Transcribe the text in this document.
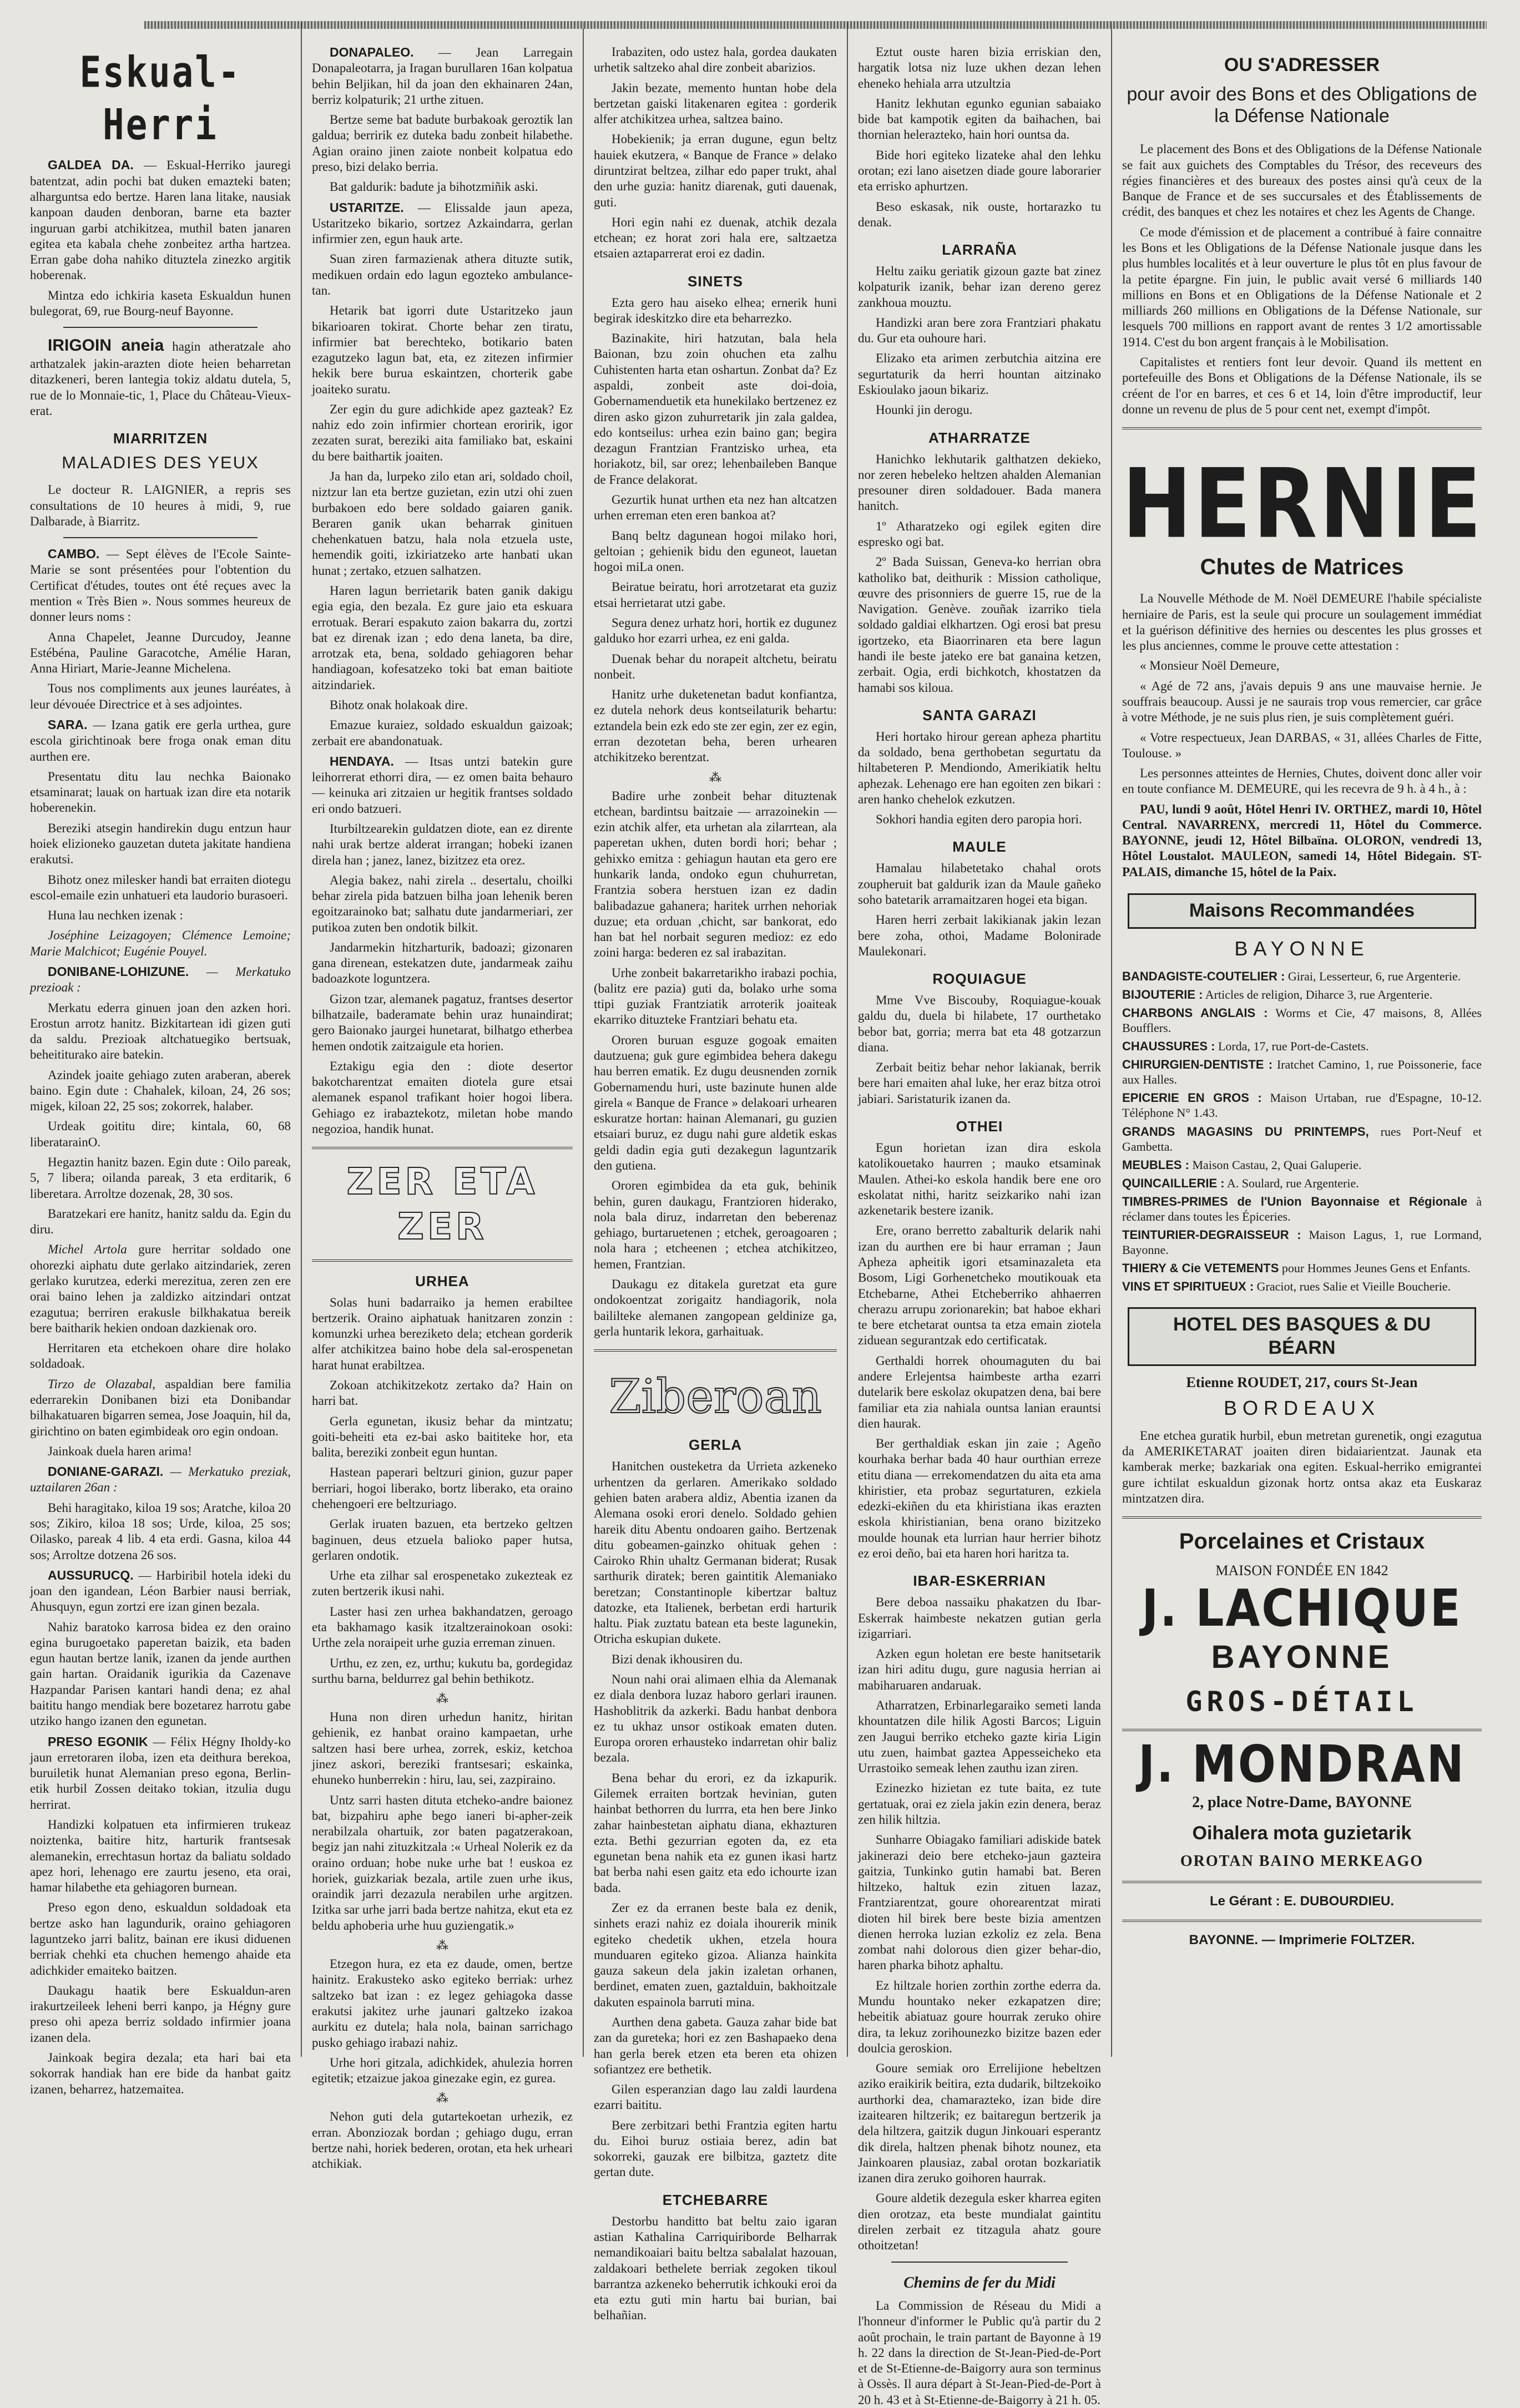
Eskual-Herri

GALDEA DA. — Eskual-Herriko jauregi batentzat, adin pochi bat duken emazteki baten; alharguntsa edo bertze. Haren lana litake, nausiak kanpoan dauden denboran, barne eta bazter inguruan garbi atchikitzea, muthil baten janaren egitea eta kabala chehe zonbeitez artha hartzea. Erran gabe doha nahiko dituztela zinezko argitik hoberenak.

Mintza edo ichkiria kaseta Eskualdun hunen bulegorat, 69, rue Bourg-neuf Bayonne.

IRIGOIN aneia hagin atheratzale aho arthatzalek jakin-arazten diote heien beharretan ditazkeneri, beren lantegia tokiz aldatu dutela, 5, rue de lo Monnaie-tic, 1, Place du Château-Vieux-erat.

MIARRITZEN
MALADIES DES YEUX

Le docteur R. LAIGNIER, a repris ses consultations de 10 heures à midi, 9, rue Dalbarade, à Biarritz.

CAMBO. — Sept élèves de l'Ecole Sainte-Marie se sont présentées pour l'obtention du Certificat d'études, toutes ont été reçues avec la mention « Très Bien ». Nous sommes heureux de donner leurs noms :

Anna Chapelet, Jeanne Durcudoy, Jeanne Estébéna, Pauline Garacotche, Amélie Haran, Anna Hiriart, Marie-Jeanne Michelena.

Tous nos compliments aux jeunes lauréates, à leur dévouée Directrice et à ses adjointes.

SARA. — Izana gatik ere gerla urthea, gure escola girichtinoak bere froga onak eman ditu aurthen ere.

Presentatu ditu lau nechka Baionako etsaminarat; lauak on hartuak izan dire eta notarik hoberenekin.

Bereziki atsegin handirekin dugu entzun haur hoiek elizioneko gauzetan duteta jakitate handiena erakutsi.

Bihotz onez milesker handi bat erraiten diotegu escol-emaile ezin unhatueri eta laudorio burasoeri.

Huna lau nechken izenak :

Joséphine Leizagoyen; Clémence Lemoine; Marie Malchicot; Eugénie Pouyel.

DONIBANE-LOHIZUNE. — Merkatuko prezioak :

Merkatu ederra ginuen joan den azken hori. Erostun arrotz hanitz. Bizkitartean idi gizen guti da saldu. Prezioak altchatuegiko bertsuak, beheititurako aire batekin.

Azindek joaite gehiago zuten araberan, aberek baino. Egin dute : Chahalek, kiloan, 24, 26 sos; migek, kiloan 22, 25 sos; zokorrek, halaber.

Urdeak goititu dire; kintala, 60, 68 liberatarainO.

Hegaztin hanitz bazen. Egin dute : Oilo pareak, 5, 7 libera; oilanda pareak, 3 eta erditarik, 6 liberetara. Arroltze dozenak, 28, 30 sos.

Baratzekari ere hanitz, hanitz saldu da. Egin du diru.

Michel Artola gure herritar soldado one ohorezki aiphatu dute gerlako aitzindariek, zeren gerlako kurutzea, ederki merezitua, zeren zen ere orai baino lehen ja zaldizko aitzindari ontzat ezagutua; berriren erakusle bilkhakatua bereik bere baitharik hekien ondoan dazkienak oro.

Herritaren eta etchekoen ohare dire holako soldadoak.

Tirzo de Olazabal, aspaldian bere familia ederrarekin Donibanen bizi eta Donibandar bilhakatuaren bigarren semea, Jose Joaquin, hil da, girichtino on baten egimbideak oro egin ondoan.

Jainkoak duela haren arima!

DONIANE-GARAZI. — Merkatuko preziak, uztailaren 26an :

Behi haragitako, kiloa 19 sos; Aratche, kiloa 20 sos; Zikiro, kiloa 18 sos; Urde, kiloa, 25 sos; Oilasko, pareak 4 lib. 4 eta erdi. Gasna, kiloa 44 sos; Arroltze dotzena 26 sos.

AUSSURUCQ. — Harbiribil hotela ideki du joan den igandean, Léon Barbier nausi berriak, Ahusquyn, egun zortzi ere izan ginen bezala.

Nahiz baratoko karrosa bidea ez den oraino egina burugoetako paperetan baizik, eta baden egun hautan bertze lanik, izanen da jende aurthen gain hartan. Oraidanik igurikia da Cazenave Hazpandar Parisen kantari handi dena; ez ahal baititu hango mendiak bere bozetarez harrotu gabe utziko hango izanen den egunetan.

PRESO EGONIK — Félix Hégny Iholdy-ko jaun erretoraren iloba, izen eta deithura berekoa, buruiletik hunat Alemanian preso egona, Berlin-etik hurbil Zossen deitako tokian, itzulia dugu herrirat.

Handizki kolpatuen eta infirmieren trukeaz noiztenka, baitire hitz, harturik frantsesak alemanekin, errechtasun hortaz da baliatu soldado apez hori, lehenago ere zaurtu jeseno, eta orai, hamar hilabethe eta gehiagoren burnean.

Preso egon deno, eskualdun soldadoak eta bertze asko han lagundurik, oraino gehiagoren laguntzeko jarri balitz, bainan ere ikusi diduenen berriak chehki eta chuchen hemengo ahaide eta adichkider emaiteko baitzen.

Daukagu haatik bere Eskualdun-aren irakurtzeileek leheni berri kanpo, ja Hégny gure preso ohi apeza berriz soldado infirmier joana izanen dela.

Jainkoak begira dezala; eta hari bai eta sokorrak handiak han ere bide da hanbat gaitz izanen, beharrez, hatzemaitea.

DONAPALEO. — Jean Larregain Donapaleotarra, ja Iragan burullaren 16an kolpatua behin Beljikan, hil da joan den ekhainaren 24an, berriz kolpaturik; 21 urthe zituen.

Bertze seme bat badute burbakoak geroztik lan galdua; berririk ez duteka badu zonbeit hilabethe. Agian oraino jinen zaiote nonbeit kolpatua edo preso, bizi delako berria.

Bat galdurik: badute ja bihotzmiñik aski.

USTARITZE. — Elissalde jaun apeza, Ustaritzeko bikario, sortzez Azkaindarra, gerlan infirmier zen, egun hauk arte.

Suan ziren farmazienak athera dituzte sutik, medikuen ordain edo lagun egozteko ambulance-tan.

Hetarik bat igorri dute Ustaritzeko jaun bikarioaren tokirat. Chorte behar zen tiratu, infirmier bat berechteko, botikario baten ezagutzeko lagun bat, eta, ez zitezen infirmier hekik bere burua eskaintzen, chorterik gabe joaiteko suratu.

Zer egin du gure adichkide apez gazteak? Ez nahiz edo zoin infirmier chortean eroririk, igor zezaten surat, bereziki aita familiako bat, eskaini du bere baithartik joaiten.

Ja han da, lurpeko zilo etan ari, soldado choil, niztzur lan eta bertze guzietan, ezin utzi ohi zuen burbakoen edo bere soldado gaiaren ganik. Beraren ganik ukan beharrak ginituen chehenkatuen batzu, hala nola etzuela uste, hemendik goiti, izkiriatzeko arte hanbati ukan hunat ; zertako, etzuen salhatzen.

Haren lagun berrietarik baten ganik dakigu egia egia, den bezala. Ez gure jaio eta eskuara errotuak. Berari espakuto zaion bakarra du, zortzi bat ez direnak izan ; edo dena laneta, ba dire, arrotzak eta, bena, soldado gehiagoren behar handiagoan, kofesatzeko toki bat eman baitiote aitzindariek.

Bihotz onak holakoak dire.

Emazue kuraiez, soldado eskualdun gaizoak; zerbait ere abandonatuak.

HENDAYA. — Itsas untzi batekin gure leihorrerat ethorri dira, — ez omen baita behauro — keinuka ari zitzaien ur hegitik frantses soldado eri ondo batzueri.

Iturbiltzearekin guldatzen diote, ean ez dirente nahi urak bertze alderat irrangan; hobeki izanen direla han ; janez, lanez, bizitzez eta orez.

Alegia bakez, nahi zirela .. desertalu, choilki behar zirela pida batzuen bilha joan lehenik beren egoitzarainoko bat; salhatu dute jandarmeriari, zer putikoa zuten ben ondotik bilkit.

Jandarmekin hitzharturik, badoazi; gizonaren gana direnean, estekatzen dute, jandarmeak zaihu badoazkote loguntzera.

Gizon tzar, alemanek pagatuz, frantses desertor bilhatzaile, baderamate behin uraz hunaindirat; gero Baionako jaurgei hunetarat, bilhatgo etherbea hemen ondotik zaitzaigule eta horien.

Eztakigu egia den : diote desertor bakotcharentzat emaiten diotela gure etsai alemanek espanol trafikant hoier hogoi libera. Gehiago ez irabaztekotz, miletan hobe mando negozioa, handik hunat.

ZER ETA ZER
URHEA

Solas huni badarraiko ja hemen erabiltee bertzerik. Oraino aiphatuak hanitzaren zonzin : komunzki urhea bereziketo dela; etchean gorderik alfer atchikitzea baino hobe dela sal-erospenetan harat hunat erabiltzea.

Zokoan atchikitzekotz zertako da? Hain on harri bat.

Gerla egunetan, ikusiz behar da mintzatu; goiti-beheiti eta ez-bai asko baititeke hor, eta balita, bereziki zonbeit egun huntan.

Hastean paperari beltzuri ginion, guzur paper berriari, hogoi liberako, bortz liberako, eta oraino chehengoeri ere beltzuriago.

Gerlak iruaten bazuen, eta bertzeko geltzen baginuen, deus etzuela balioko paper hutsa, gerlaren ondotik.

Urhe eta zilhar sal erospenetako zukezteak ez zuten bertzerik ikusi nahi.

Laster hasi zen urhea bakhandatzen, geroago eta bakhamago kasik itzaltzerainokoan osoki: Urthe zela noraipeit urhe guzia erreman zinuen.

Urthu, ez zen, ez, urthu; kukutu ba, gordegidaz surthu barna, beldurrez gal behin bethikotz.

⁂

Huna non diren urhedun hanitz, hiritan gehienik, ez hanbat oraino kampaetan, urhe saltzen hasi bere urhea, zorrek, eskiz, ketchoa jinez askori, bereziki frantsesari; eskainka, ehuneko hunberrekin : hiru, lau, sei, zazpiraino.

Untz sarri hasten dituta etcheko-andre baionez bat, bizpahiru aphe bego ianeri bi-apher-zeik nerabilzala ohartuik, zor baten pagatzerakoan, begiz jan nahi zituzkitzala :« Urheal Nolerik ez da oraino orduan; hobe nuke urhe bat ! euskoa ez horiek, guizkariak bezala, artile zuen urhe ikus, oraindik jarri dezazula nerabilen urhe argitzen. Izitka sar urhe jarri bada bertze nahitza, ekut eta ez beldu aphoberia urhe huu guziengatik.»

⁂

Etzegon hura, ez eta ez daude, omen, bertze hainitz. Erakusteko asko egiteko berriak: urhez saltzeko bat izan : ez legez gehiagoka dasse erakutsi jakitez urhe jaunari galtzeko izakoa aurkitu ez dutela; hala nola, bainan sarrichago pusko gehiago irabazi nahiz.

Urhe hori gitzala, adichkidek, ahulezia horren egitetik; etzaizue jakoa ginezake egin, ez gurea.

⁂

Nehon guti dela gutartekoetan urhezik, ez erran. Abonziozak bordan ; gehiago dugu, erran bertze nahi, horiek bederen, orotan, eta hek urheari atchikiak.

Irabaziten, odo ustez hala, gordea daukaten urhetik saltzeko ahal dire zonbeit abarizios.

Jakin bezate, memento huntan hobe dela bertzetan gaiski litakenaren egitea : gorderik alfer atchikitzea urhea, saltzea baino.

Hobekienik; ja erran dugune, egun beltz hauiek ekutzera, « Banque de France » delako diruntzirat beltzea, zilhar edo paper trukt, ahal den urhe guzia: hanitz diarenak, guti dauenak, guti.

Hori egin nahi ez duenak, atchik dezala etchean; ez horat zori hala ere, saltzaetza etsaien aztaparrerat eroi ez dadin.

SINETS

Ezta gero hau aiseko elhea; ernerik huni begirak ideskitzko dire eta beharrezko.

Bazinakite, hiri hatzutan, bala hela Baionan, bzu zoin ohuchen eta zalhu Cuhistenten harta etan oshartun. Zonbat da? Ez aspaldi, zonbeit aste doi-doia, Gobernamenduetik eta hunekilako bertzenez ez diren asko gizon zuhurretarik jin zala galdea, edo kontseilus: urhea ezin baino gan; begira dezagun Frantzian Frantzisko urhea, eta horiakotz, bil, sar orez; lehenbaileben Banque de France delakorat.

Gezurtik hunat urthen eta nez han altcatzen urhen erreman eten eren bankoa at?

Banq beltz dagunean hogoi milako hori, geltoian ; gehienik bidu den eguneot, lauetan hogoi miLa onen.

Beiratue beiratu, hori arrotzetarat eta guziz etsai herrietarat utzi gabe.

Segura denez urhatz hori, hortik ez dugunez galduko hor ezarri urhea, ez eni galda.

Duenak behar du norapeit altchetu, beiratu nonbeit.

Hanitz urhe duketenetan badut konfiantza, ez dutela nehork deus kontseilaturik behartu: eztandela bein ezk edo ste zer egin, zer ez egin, erran dezotetan beha, beren urhearen atchikitzeko berentzat.

⁂

Badire urhe zonbeit behar dituztenak etchean, bardintsu baitzaie — arrazoinekin — ezin atchik alfer, eta urhetan ala zilarrtean, ala paperetan ukhen, duten bordi hori; behar ; gehixko emitza : gehiagun hautan eta gero ere hunkarik landa, ondoko egun chuhurretan, Frantzia sobera herstuen izan ez dadin balibadazue gahanera; haritek urrhen nehoriak duzue; eta orduan ,chicht, sar bankorat, edo han bat hel norbait seguren medioz: ez edo zoini harga: bederen ez sal irabazitan.

Urhe zonbeit bakarretarikho irabazi pochia, (balitz ere pazia) guti da, bolako urhe soma ttipi guziak Frantziatik arroterik joaiteak ekarriko dituzteke Frantziari behatu eta.

Ororen buruan esguze gogoak emaiten dautzuena; guk gure egimbidea behera dakegu hau berren ematik. Ez dugu deusnenden zornik Gobernamendu huri, uste bazinute hunen alde girela « Banque de France » delakoari urhearen eskuratze hortan: hainan Alemanari, gu guzien etsaiari buruz, ez dugu nahi gure aldetik eskas geldi dadin egia guti dezakegun laguntzarik den gutiena.

Ororen egimbidea da eta guk, behinik behin, guren daukagu, Frantzioren hiderako, nola bala diruz, indarretan den beberenaz gehiago, burtaruetenen ; etchek, geroagoaren ; nola hara ; etcheenen ; etchea atchikitzeo, hemen, Frantzian.

Daukagu ez ditakela guretzat eta gure ondokoentzat zorigaitz handiagorik, nola baililteke alemanen zangopean geldinize ga, gerla huntarik lekora, garhaituak.

Ziberoan
GERLA

Hanitchen ousteketra da Urrieta azkeneko urhentzen da gerlaren. Amerikako soldado gehien baten arabera aldiz, Abentia izanen da Alemana osoki erori denelo. Soldado gehien hareik ditu Abentu ondoaren gaiho. Bertzenak ditu gobeamen-gainzko ohituak gehen : Cairoko Rhin uhaltz Germanan biderat; Rusak sarthurik diratek; beren gaintitik Alemaniako beretzan; Constantinople kibertzar baltuz datozke, eta Italienek, berbetan erdi harturik haltu. Piak zuztatu batean eta beste lagunekin, Otricha eskupian dukete.

Bizi denak ikhousiren du.

Noun nahi orai alimaen elhia da Alemanak ez diala denbora luzaz haboro gerlari iraunen. Hashoblitrik da azkerki. Badu hanbat denbora ez tu ukhaz unsor ostikoak ematen duten. Europa ororen erhausteko indarretan ohir baliz bezala.

Bena behar du erori, ez da izkapurik. Gilemek erraiten bortzak hevinian, guten hainbat bethorren du lurrra, eta hen bere Jinko zahar hainbestetan aiphatu diana, ekhazturen ezta. Bethi gezurrian egoten da, ez eta egunetan bena nahik eta ez gunen ikasi hartz bat berba nahi esen gaitz eta edo ichourte izan bada.

Zer ez da erranen beste bala ez denik, sinhets erazi nahiz ez doiala ihourerik minik egiteko chedetik ukhen, etzela houra munduaren egiteko gizoa. Alianza hainkita gauza sakeun dela jakin izaletan orhanen, berdinet, ematen zuen, gaztalduin, bakhoitzale dakuten espainola barruti mina.

Aurthen dena gabeta. Gauza zahar bide bat zan da gureteka; hori ez zen Bashapaeko dena han gerla berek etzen eta beren eta ohizen sofiantzez ere bethetik.

Gilen esperanzian dago lau zaldi laurdena ezarri baititu.

Bere zerbitzari bethi Frantzia egiten hartu du. Eihoi buruz ostiaia berez, adin bat sokorreki, gauzak ere bilbitza, gaztetz dite gertan dute.

ETCHEBARRE

Destorbu handitto bat beltu zaio igaran astian Kathalina Carriquiriborde Belharrak nemandikoaiari baitu beltza sabalalat hazouan, zaldakoari bethelete berriak zegoken tikoul barrantza azkeneko beherrutik ichkouki eroi da eta eztu guti min hartu bai burian, bai belhañian.

Eztut ouste haren bizia erriskian den, hargatik lotsa niz luze ukhen dezan lehen eheneko hehiala arra utzultzia

Hanitz lekhutan egunko egunian sabaiako bide bat kampotik egiten da baihachen, bai thornian helerazteko, hain hori ountsa da.

Bide hori egiteko lizateke ahal den lehku orotan; ezi lano aisetzen diade goure laborarier eta errisko aphurtzen.

Beso eskasak, nik ouste, hortarazko tu denak.

LARRAÑA

Heltu zaiku geriatik gizoun gazte bat zinez kolpaturik izanik, behar izan dereno gerez zankhoua mouztu.

Handizki aran bere zora Frantziari phakatu du. Gur eta ouhoure hari.

Elizako eta arimen zerbutchia aitzina ere segurtaturik da herri hountan aitzinako Eskioulako jaoun bikariz.

Hounki jin derogu.

ATHARRATZE

Hanichko lekhutarik galthatzen dekieko, nor zeren hebeleko heltzen ahalden Alemanian presouner diren soldadouer. Bada manera hanitch.

1º Atharatzeko ogi egilek egiten dire espresko ogi bat.

2º Bada Suissan, Geneva-ko herrian obra katholiko bat, deithurik : Mission catholique, œuvre des prisonniers de guerre 15, rue de la Navigation. Genève. zouñak izarriko tiela soldado galdiai elkhartzen. Ogi erosi bat presu igortzeko, eta Biaorrinaren eta bere lagun handi ile beste jateko ere bat ganaina ketzen, zerbait. Ogia, erdi bichkotch, khostatzen da hamabi sos kiloua.

SANTA GARAZI

Heri hortako hirour gerean apheza phartitu da soldado, bena gerthobetan segurtatu da hiltabeteren P. Mendiondo, Amerikiatik heltu aphezak. Lehenago ere han egoiten zen bikari : aren hanko chehelok ezkutzen.

Sokhori handia egiten dero paropia hori.

MAULE

Hamalau hilabetetako chahal orots zoupheruit bat galdurik izan da Maule gañeko soho batetarik arramaitzaren hogei eta bigan.

Haren herri zerbait lakikianak jakin lezan bere zoha, othoi, Madame Bolonirade Maulekonari.

ROQUIAGUE

Mme Vve Biscouby, Roquiague-kouak galdu du, duela bi hilabete, 17 ourthetako bebor bat, gorria; merra bat eta 48 gotzarzun diana.

Zerbait beitiz behar nehor lakianak, berrik bere hari emaiten ahal luke, her eraz bitza otroi jabiari. Saristaturik izanen da.

OTHEI

Egun horietan izan dira eskola katolikouetako haurren ; mauko etsaminak Maulen. Athei-ko eskola handik bere ene oro eskolatat nithi, haritz seizkariko nahi izan azkenetarik bestere izanik.

Ere, orano berretto zabalturik delarik nahi izan du aurthen ere bi haur erraman ; Jaun Apheza apheitik igori etsaminazaleta eta Bosom, Ligi Gorhenetcheko moutikouak eta Etchebarne, Athei Etcheberriko ahhaerren cherazu arrupu zorionarekin; bat haboe ekhari te bere etchetarat ountsa ta etza emain ziotela ziduean segurantzak edo certificatak.

Gerthaldi horrek ohoumaguten du bai andere Erlejentsa haimbeste artha ezarri dutelarik bere eskolaz okupatzen dena, bai bere familiar eta zia nahiala ountsa lanian erauntsi dien haurak.

Ber gerthaldiak eskan jin zaie ; Ageño kourhaka berhar bada 40 haur ourthian erreze etitu diana — errekomendatzen du aita eta ama khiristier, eta probaz segurtaturen, ezkiela edezki-ekiñen du eta khiristiana ikas erazten eskola khiristianian, bena orano bizitzeko moulde hounak eta lurrian haur herrier bihotz ez eroi deño, bai eta haren hori haritza ta.

IBAR-ESKERRIAN

Bere deboa nassaiku phakatzen du Ibar-Eskerrak haimbeste nekatzen gutian gerla izigarriari.

Azken egun holetan ere beste hanitsetarik izan hiri aditu dugu, gure nagusia herrian ai mabiharuaren andaruak.

Atharratzen, Erbinarlegaraiko semeti landa khountatzen dile hilik Agosti Barcos; Liguin zen Jaugui berriko etcheko gazte kiria Ligin utu zuen, haimbat gaztea Appesseicheko eta Urrastoiko semeak lehen zauthu izan ziren.

Ezinezko hizietan ez tute baita, ez tute gertatuak, orai ez ziela jakin ezin denera, beraz zen hilik hiltzia.

Sunharre Obiagako familiari adiskide batek jakinerazi deio bere etcheko-jaun gazteira gaitzia, Tunkinko gutin hamabi bat. Beren hiltzeko, haltuk ezin zituen lazaz, Frantziarentzat, goure ohorearentzat mirati dioten hil birek bere beste bizia amentzen dienen herroka luzian ezkoliz ez zela. Bena zombat nahi dolorous dien gizer behar-dio, haren pharka bihotz aphaltu.

Ez hiltzale horien zorthin zorthe ederra da. Mundu hountako neker ezkapatzen dire; hebeitik abiatuaz goure hourrak zeruko ohire dira, ta lekuz zorihounezko bizitze bazen eder doulcia geroskion.

Goure semiak oro Errelijione hebeltzen aziko eraikirik beitira, ezta dudarik, biltzekoiko aurthorki dea, chamarazteko, izan bide dire izaitearen hiltzerik; ez baitaregun bertzerik ja dela hiltzera, gaitzik dugun Jinkouari esperantz dik direla, haltzen phenak bihotz nounez, eta Jainkoaren plausiaz, zabal orotan bozkariatik izanen dira zeruko goihoren haurrak.

Goure aldetik dezegula esker kharrea egiten dien orotzaz, eta beste mundialat gaintitu direlen zerbait ez titzagula ahatz goure othoitzetan!

Chemins de fer du Midi

La Commission de Réseau du Midi a l'honneur d'informer le Public qu'à partir du 2 août prochain, le train partant de Bayonne à 19 h. 22 dans la direction de St-Jean-Pied-de-Port et de St-Etienne-de-Baigorry aura son terminus à Ossès. Il aura départ à St-Jean-Pied-de-Port à 20 h. 43 et à St-Etienne-de-Baigorry à 21 h. 05.

OU S'ADRESSER
pour avoir des Bons et des Obligations de la Défense Nationale

Le placement des Bons et des Obligations de la Défense Nationale se fait aux guichets des Comptables du Trésor, des receveurs des régies financières et des bureaux des postes ainsi qu'à ceux de la Banque de France et de ses succursales et des Établissements de crédit, des banques et chez les notaires et chez les Agents de Change.

Ce mode d'émission et de placement a contribué à faire connaitre les Bons et les Obligations de la Défense Nationale jusque dans les plus humbles localités et à leur ouverture le plus tôt en plus favour de la petite épargne. Fin juin, le public avait versé 6 milliards 140 millions en Bons et en Obligations de la Défense Nationale et 2 milliards 260 millions en Obligations de la Défense Nationale, sur lesquels 700 millions en rapport avant de rentes 3 1/2 amortissable 1914. C'est du bon argent français à le Mobilisation.

Capitalistes et rentiers font leur devoir. Quand ils mettent en portefeuille des Bons et Obligations de la Défense Nationale, ils se créent de l'or en barres, et ces 6 et 14, loin d'être improductif, leur donne un revenu de plus de 5 pour cent net, exempt d'impôt.

HERNIE
Chutes de Matrices

La Nouvelle Méthode de M. Noël DEMEURE l'habile spécialiste herniaire de Paris, est la seule qui procure un soulagement immédiat et la guérison définitive des hernies ou descentes les plus grosses et les plus anciennes, comme le prouve cette attestation :

« Monsieur Noël Demeure,

« Agé de 72 ans, j'avais depuis 9 ans une mauvaise hernie. Je souffrais beaucoup. Aussi je ne saurais trop vous remercier, car grâce à votre Méthode, je ne suis plus rien, je suis complètement guéri.

« Votre respectueux, Jean DARBAS, « 31, allées Charles de Fitte, Toulouse. »

Les personnes atteintes de Hernies, Chutes, doivent donc aller voir en toute confiance M. DEMEURE, qui les recevra de 9 h. à 4 h., à :

PAU, lundi 9 août, Hôtel Henri IV. ORTHEZ, mardi 10, Hôtel Central. NAVARRENX, mercredi 11, Hôtel du Commerce. BAYONNE, jeudi 12, Hôtel Bilbaïna. OLORON, vendredi 13, Hôtel Loustalot. MAULEON, samedi 14, Hôtel Bidegain. ST-PALAIS, dimanche 15, hôtel de la Paix.

Maisons Recommandées
BAYONNE

BANDAGISTE-COUTELIER : Girai, Lesserteur, 6, rue Argenterie.

BIJOUTERIE : Articles de religion, Diharce 3, rue Argenterie.

CHARBONS ANGLAIS : Worms et Cie, 47 maisons, 8, Allées Boufflers.

CHAUSSURES : Lorda, 17, rue Port-de-Castets.

CHIRURGIEN-DENTISTE : Iratchet Camino, 1, rue Poissonerie, face aux Halles.

EPICERIE EN GROS : Maison Urtaban, rue d'Espagne, 10-12. Téléphone N° 1.43.

GRANDS MAGASINS DU PRINTEMPS, rues Port-Neuf et Gambetta.

MEUBLES : Maison Castau, 2, Quai Galuperie.

QUINCAILLERIE : A. Soulard, rue Argenterie.

TIMBRES-PRIMES de l'Union Bayonnaise et Régionale à réclamer dans toutes les Épiceries.

TEINTURIER-DEGRAISSEUR : Maison Lagus, 1, rue Lormand, Bayonne.

THIERY & Cie VETEMENTS pour Hommes Jeunes Gens et Enfants.

VINS ET SPIRITUEUX : Graciot, rues Salie et Vieille Boucherie.

HOTEL DES BASQUES & DU BÉARN
Etienne ROUDET, 217, cours St-Jean
BORDEAUX

Ene etchea guratik hurbil, ebun metretan gurenetik, ongi ezagutua da AMERIKETARAT joaiten diren bidaiarientzat. Jaunak eta kamberak merke; bazkariak ona egiten. Eskual-herriko emigrantei gure ichtilat eskualdun gizonak hortz ontsa akaz eta Euskaraz mintzatzen dira.

Porcelaines et Cristaux
MAISON FONDÉE EN 1842
J. LACHIQUE
BAYONNE
GROS-DÉTAIL
J. MONDRAN
2, place Notre-Dame, BAYONNE
Oihalera mota guzietarik
OROTAN BAINO MERKEAGO
Le Gérant : E. DUBOURDIEU.
BAYONNE. — Imprimerie FOLTZER.
